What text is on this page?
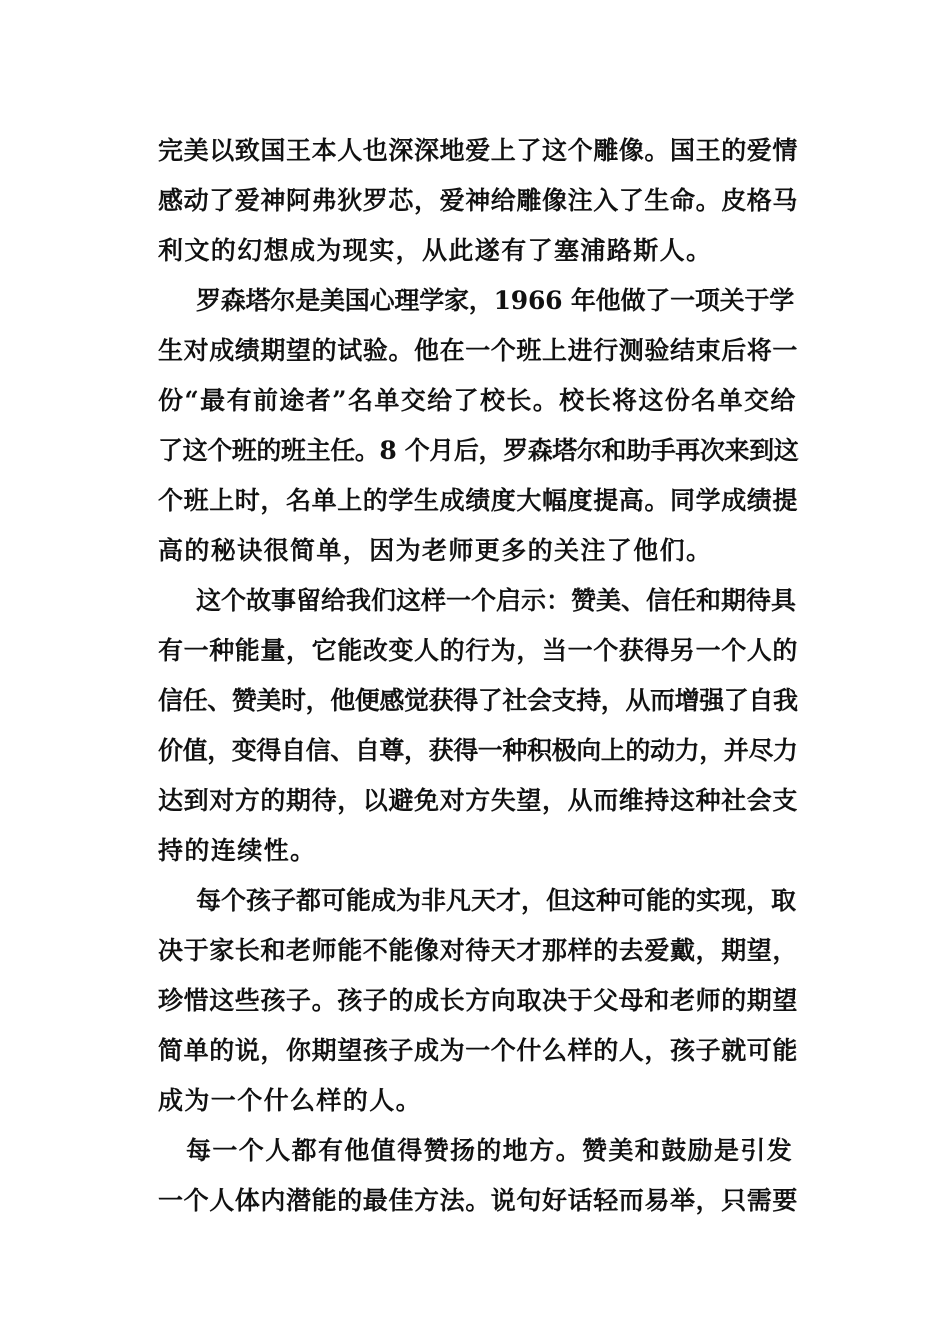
完美以致国王本人也深深地爱上了这个雕像。国王的爱情
感动了爱神阿弗狄罗芯，爱神给雕像注入了生命。皮格马
利文的幻想成为现实，从此遂有了塞浦路斯人。
罗森塔尔是美国心理学家，1966 年他做了一项关于学
生对成绩期望的试验。他在一个班上进行测验结束后将一
份“最有前途者”名单交给了校长。校长将这份名单交给
了这个班的班主任。8 个月后，罗森塔尔和助手再次来到这
个班上时，名单上的学生成绩度大幅度提高。同学成绩提
高的秘诀很简单，因为老师更多的关注了他们。
这个故事留给我们这样一个启示：赞美、信任和期待具
有一种能量，它能改变人的行为，当一个获得另一个人的
信任、赞美时，他便感觉获得了社会支持，从而增强了自我
价值，变得自信、自尊，获得一种积极向上的动力，并尽力
达到对方的期待，以避免对方失望，从而维持这种社会支
持的连续性。
每个孩子都可能成为非凡天才，但这种可能的实现，取
决于家长和老师能不能像对待天才那样的去爱戴，期望，
珍惜这些孩子。孩子的成长方向取决于父母和老师的期望
简单的说，你期望孩子成为一个什么样的人，孩子就可能
成为一个什么样的人。
每一个人都有他值得赞扬的地方。赞美和鼓励是引发
一个人体内潜能的最佳方法。说句好话轻而易举，只需要
